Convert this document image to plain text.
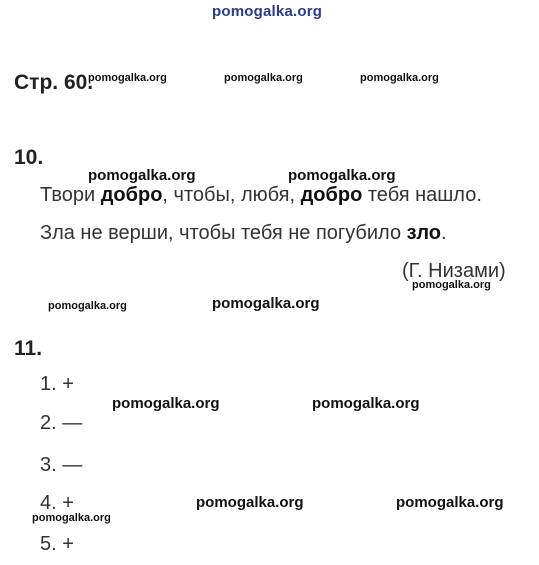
pomogalka.org
Стр. 60.
pomogalka.org	pomogalka.org	pomogalka.org
10.
pomogalka.org	pomogalka.org
Твори добро, чтобы, любя, добро тебя нашло.
Зла не верши, чтобы тебя не погубило зло.
(Г. Низами)
pomogalka.org
pomogalka.org	pomogalka.org
11.
1. +
pomogalka.org	pomogalka.org
2. —
3. —
4. +	pomogalka.org	pomogalka.org
pomogalka.org
5. +
